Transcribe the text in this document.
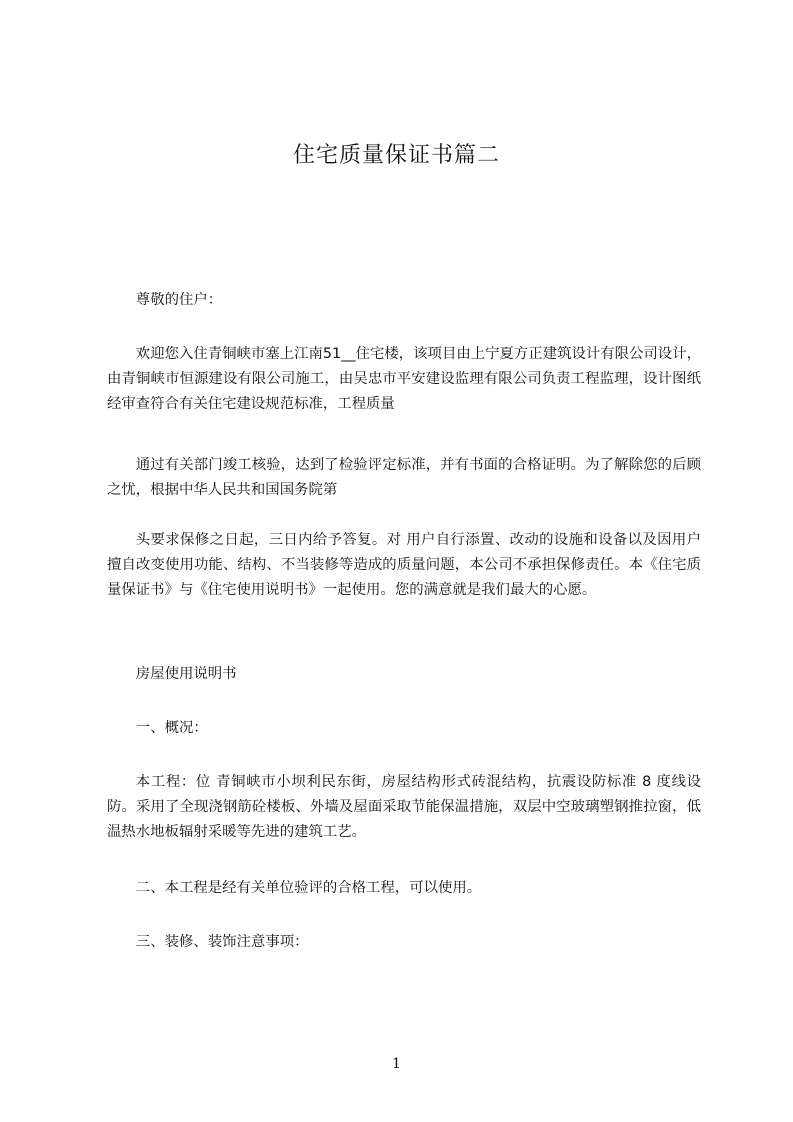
住宅质量保证书篇二

尊敬的住户：

欢迎您入住青铜峡市塞上江南51__住宅楼，该项目由上宁夏方正建筑设计有限公司设计，由青铜峡市恒源建设有限公司施工，由吴忠市平安建设监理有限公司负责工程监理，设计图纸经审查符合有关住宅建设规范标准，工程质量

通过有关部门竣工核验，达到了检验评定标准，并有书面的合格证明。为了解除您的后顾之忧，根据中华人民共和国国务院第

头要求保修之日起，三日内给予答复。对 用户自行添置、改动的设施和设备以及因用户擅自改变使用功能、结构、不当装修等造成的质量问题，本公司不承担保修责任。本《住宅质量保证书》与《住宅使用说明书》一起使用。您的满意就是我们最大的心愿。

房屋使用说明书

一、概况：

本工程：位 青铜峡市小坝利民东街，房屋结构形式砖混结构，抗震设防标准 8 度线设防。采用了全现浇钢筋砼楼板、外墙及屋面采取节能保温措施，双层中空玻璃塑钢推拉窗，低温热水地板辐射采暖等先进的建筑工艺。

二、本工程是经有关单位验评的合格工程，可以使用。

三、装修、装饰注意事项：

1
